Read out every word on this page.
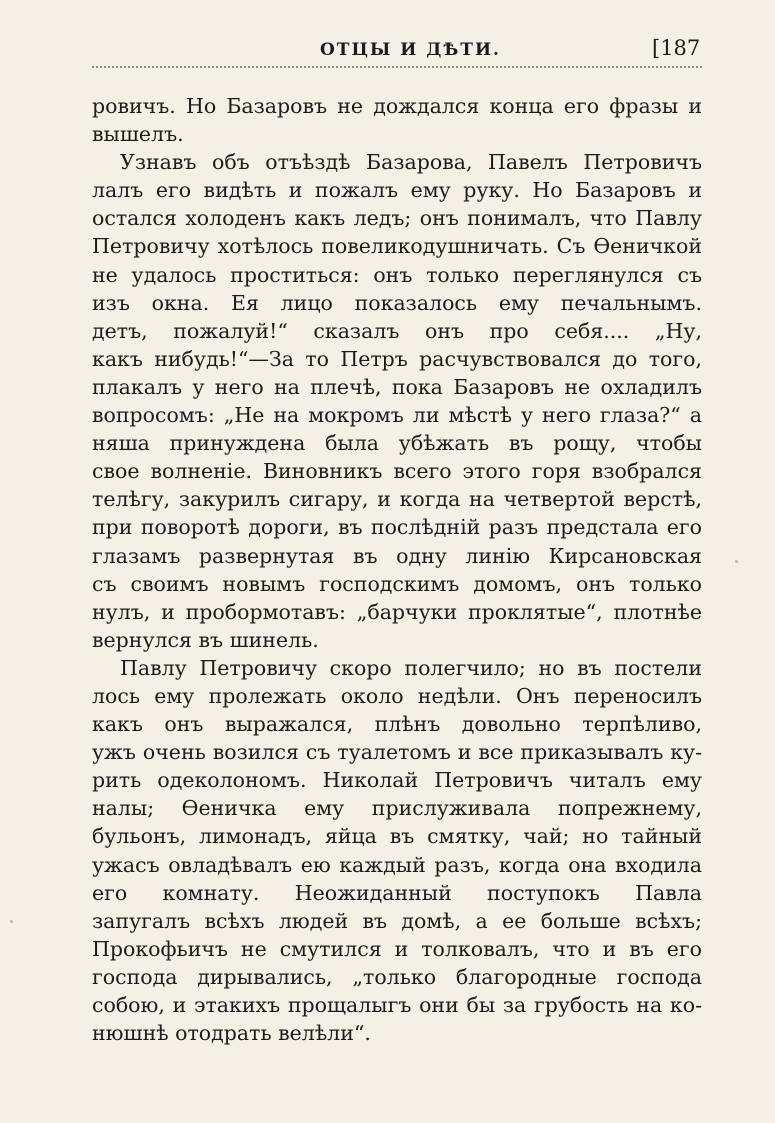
ОТЦЫ И ДѢТИ.	[187
ровичъ. Но Базаровъ не дождался конца его фразы и
вышелъ.
Узнавъ объ отъѣздѣ Базарова, Павелъ Петровичъ
лалъ его видѣть и пожалъ ему руку. Но Базаровъ и
остался холоденъ какъ ледъ; онъ понималъ, что Павлу
Петровичу хотѣлось повеликодушничать. Съ Ѳеничкой
не удалось проститься: онъ только переглянулся съ
изъ окна. Ея лицо показалось ему печальнымъ.
детъ, пожалуй!“ сказалъ онъ про себя.... „Ну,
какъ нибудь!“—За то Петръ расчувствовался до того,
плакалъ у него на плечѣ, пока Базаровъ не охладилъ
вопросомъ: „Не на мокромъ ли мѣстѣ у него глаза?“ а
няша принуждена была убѣжать въ рощу, чтобы
свое волненіе. Виновникъ всего этого горя взобрался
телѣгу, закурилъ сигару, и когда на четвертой верстѣ,
при поворотѣ дороги, въ послѣдній разъ предстала его
глазамъ развернутая въ одну линію Кирсановская
съ своимъ новымъ господскимъ домомъ, онъ только
нулъ, и пробормотавъ: „барчуки проклятые“, плотнѣе
вернулся въ шинель.
Павлу Петровичу скоро полегчило; но въ постели
лось ему пролежать около недѣли. Онъ переносилъ
какъ онъ выражался, плѣнъ довольно терпѣливо,
ужъ очень возился съ туалетомъ и все приказывалъ ку-
рить одеколономъ. Николай Петровичъ читалъ ему
налы; Ѳеничка ему прислуживала попрежнему,
бульонъ, лимонадъ, яйца въ смятку, чай; но тайный
ужасъ овладѣвалъ ею каждый разъ, когда она входила
его комнату. Неожиданный поступокъ Павла
запугалъ всѣхъ людей въ домѣ, а ее больше всѣхъ;
Прокофьичъ не смутился и толковалъ, что и въ его
господа дирывались, „только благородные господа
собою, и этакихъ прощалыгъ они бы за грубость на ко-
нюшнѣ отодрать велѣли“.
